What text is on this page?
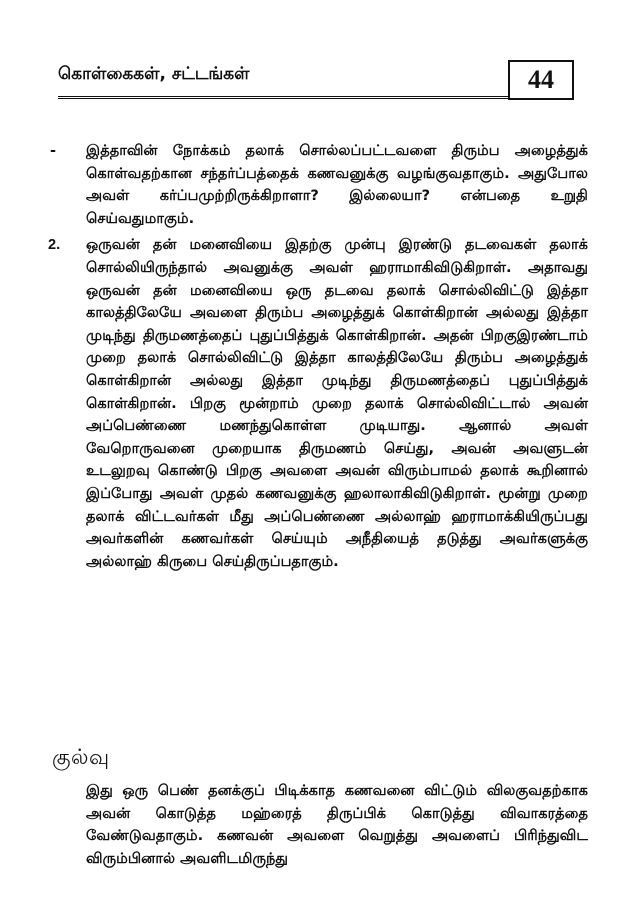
கொள்கைகள், சட்டங்கள்	44
- இத்தாவின் நோக்கம் தலாக் சொல்லப்பட்டவளை திரும்ப அழைத்துக் கொள்வதற்கான சந்தர்ப்பத்தைக் கணவனுக்கு வழங்குவதாகும். அதுபோல அவள் கர்ப்பமுற்றிருக்கிறாளா? இல்லையா? என்பதை உறுதி செய்வதுமாகும்.

2. ஒருவன் தன் மனைவியை இதற்கு முன்பு இரண்டு தடவைகள் தலாக் சொல்லியிருந்தால் அவனுக்கு அவள் ஹராமாகிவிடுகிறாள். அதாவது ஒருவன் தன் மனைவியை ஒரு தடவை தலாக் சொல்லிவிட்டு இத்தா காலத்திலேயே அவளை திரும்ப அழைத்துக் கொள்கிறான் அல்லது இத்தா முடிந்து திருமணத்தைப் புதுப்பித்துக் கொள்கிறான். அதன் பிறகுஇரண்டாம் முறை தலாக் சொல்லிவிட்டு இத்தா காலத்திலேயே திரும்ப அழைத்துக் கொள்கிறான் அல்லது இத்தா முடிந்து திருமணத்தைப் புதுப்பித்துக் கொள்கிறான். பிறகு மூன்றாம் முறை தலாக் சொல்லிவிட்டால் அவன் அப்பெண்ணை மணந்துகொள்ள முடியாது. ஆனால் அவள் வேறொருவனை முறையாக திருமணம் செய்து, அவன் அவளுடன் உடலுறவு கொண்டு பிறகு அவளை அவன் விரும்பாமல் தலாக் கூறினால் இப்போது அவள் முதல் கணவனுக்கு ஹலாலாகிவிடுகிறாள். மூன்று முறை தலாக் விட்டவர்கள் மீது அப்பெண்ணை அல்லாஹ் ஹராமாக்கியிருப்பது அவர்களின் கணவர்கள் செய்யும் அநீதியைத் தடுத்து அவர்களுக்கு அல்லாஹ் கிருபை செய்திருப்பதாகும்.

குல்வு

இது ஒரு பெண் தனக்குப் பிடிக்காத கணவனை விட்டும் விலகுவதற்காக அவன் கொடுத்த மஹ்ரைத் திருப்பிக் கொடுத்து விவாகரத்தை வேண்டுவதாகும். கணவன் அவளை வெறுத்து அவளைப் பிரிந்துவிட விரும்பினால் அவளிடமிருந்து
